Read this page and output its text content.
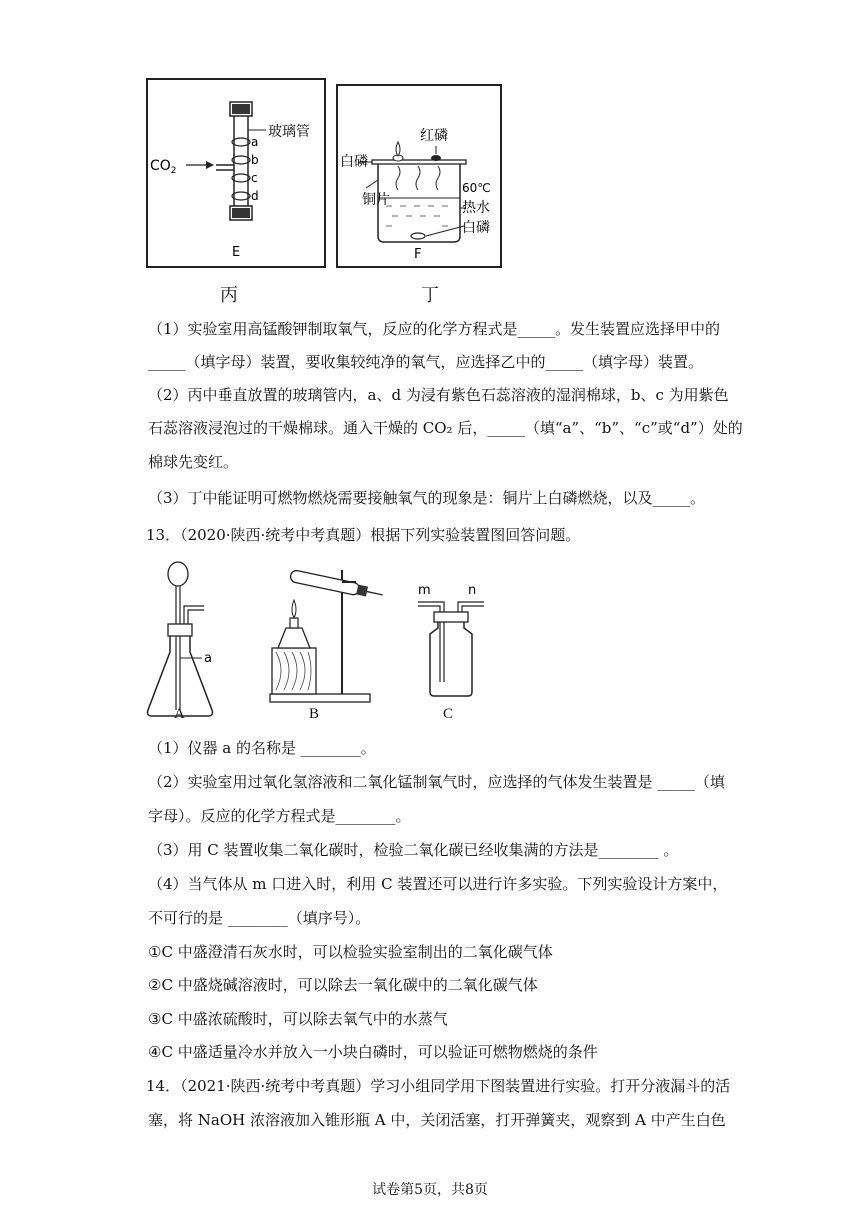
$CO_2$
玻璃管
a
b
c
d
E
丙
红磷
白磷
铜片
60℃
热水
白磷
F
丁
（1）实验室用高锰酸钾制取氧气，反应的化学方程式是_____。发生装置应选择甲中的
_____（填字母）装置，要收集较纯净的氧气，应选择乙中的_____（填字母）装置。
（2）丙中垂直放置的玻璃管内，a、d 为浸有紫色石蕊溶液的湿润棉球，b、c 为用紫色
石蕊溶液浸泡过的干燥棉球。通入干燥的 CO₂ 后，_____（填“a”、“b”、“c”或“d”）处的
棉球先变红。
（3）丁中能证明可燃物燃烧需要接触氧气的现象是：铜片上白磷燃烧，以及_____。
13．（2020·陕西·统考中考真题）根据下列实验装置图回答问题。
a
A	B
m	n
C
（1）仪器 a 的名称是 ________。
（2）实验室用过氧化氢溶液和二氧化锰制氧气时，应选择的气体发生装置是 _____（填
字母）。反应的化学方程式是________。
（3）用 C 装置收集二氧化碳时，检验二氧化碳已经收集满的方法是________ 。
（4）当气体从 m 口进入时，利用 C 装置还可以进行许多实验。下列实验设计方案中，
不可行的是 ________（填序号）。
①C 中盛澄清石灰水时，可以检验实验室制出的二氧化碳气体
②C 中盛烧碱溶液时，可以除去一氧化碳中的二氧化碳气体
③C 中盛浓硫酸时，可以除去氧气中的水蒸气
④C 中盛适量冷水并放入一小块白磷时，可以验证可燃物燃烧的条件
14．（2021·陕西·统考中考真题）学习小组同学用下图装置进行实验。打开分液漏斗的活
塞，将 NaOH 浓溶液加入锥形瓶 A 中，关闭活塞，打开弹簧夹，观察到 A 中产生白色
试卷第5页，共8页
